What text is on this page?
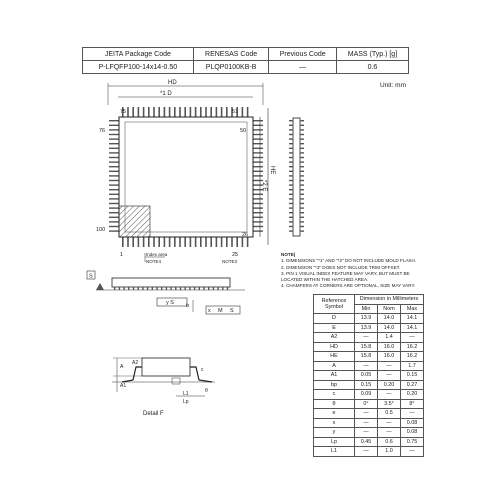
JEITA Package Code	RENESAS Code	Previous Code	MASS (Typ.) [g]
P-LFQFP100-14x14-0.50	PLQP0100KB-B	—	0.6
Unit: mm
HD
*1 D
75	51
76	50
100
26
1	25
HE
*2 E
Index area
NOTE4	NOTE3
S
y S
x M S
b
A
A1
A2
c
θ
Lp
L1
Detail F
NOTE)
1. DIMENSIONS "*1" AND "*2" DO NOT INCLUDE MOLD FLASH.
2. DIMENSION "*3" DOES NOT INCLUDE TRIM OFFSET.
3. PIN 1 VISUAL INDEX FEATURE MAY VARY, BUT MUST BE
LOCATED WITHIN THE HATCHED AREA.
4. CHAMFERS AT CORNERS ARE OPTIONAL, SIZE MAY VARY.
Reference Symbol	Dimension in Millimeters		
	Min	Nom	Max
D	13.9	14.0	14.1
E	13.9	14.0	14.1
A2	—	1.4	—
HD	15.8	16.0	16.2
HE	15.8	16.0	16.2
A	—	—	1.7
A1	0.05	—	0.15
bp	0.15	0.20	0.27
c	0.09	—	0.20
θ	0°	3.5°	8°
e	—	0.5	—
x	—	—	0.08
y	—	—	0.08
Lp	0.45	0.6	0.75
L1	—	1.0	—
